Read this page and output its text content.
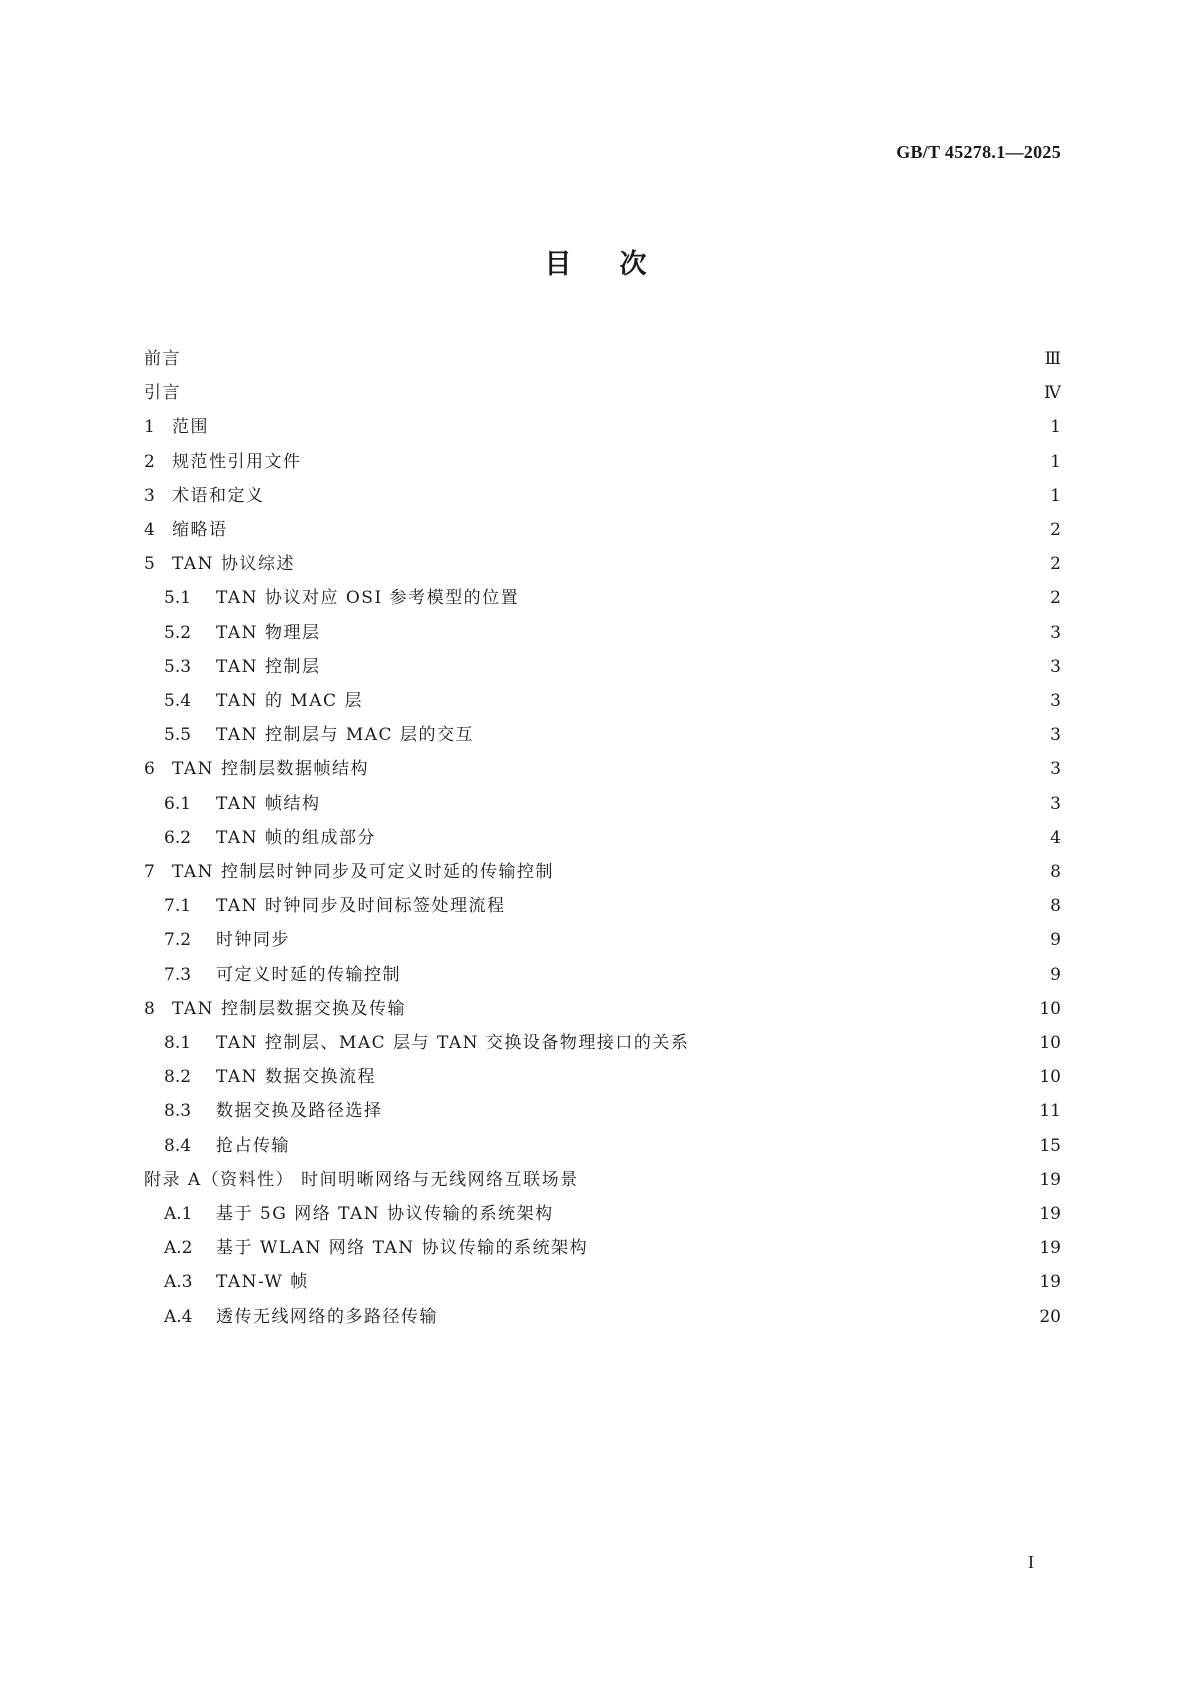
GB/T 45278.1—2025
目次
前言	Ⅲ
引言	Ⅳ
1	范围	1
2	规范性引用文件	1
3	术语和定义	1
4	缩略语	2
5	TAN 协议综述	2
5.1	TAN 协议对应 OSI 参考模型的位置	2
5.2	TAN 物理层	3
5.3	TAN 控制层	3
5.4	TAN 的 MAC 层	3
5.5	TAN 控制层与 MAC 层的交互	3
6	TAN 控制层数据帧结构	3
6.1	TAN 帧结构	3
6.2	TAN 帧的组成部分	4
7	TAN 控制层时钟同步及可定义时延的传输控制	8
7.1	TAN 时钟同步及时间标签处理流程	8
7.2	时钟同步	9
7.3	可定义时延的传输控制	9
8	TAN 控制层数据交换及传输	10
8.1	TAN 控制层、MAC 层与 TAN 交换设备物理接口的关系	10
8.2	TAN 数据交换流程	10
8.3	数据交换及路径选择	11
8.4	抢占传输	15
附录 A（资料性） 时间明晰网络与无线网络互联场景	19
A.1	基于 5G 网络 TAN 协议传输的系统架构	19
A.2	基于 WLAN 网络 TAN 协议传输的系统架构	19
A.3	TAN-W 帧	19
A.4	透传无线网络的多路径传输	20
I
